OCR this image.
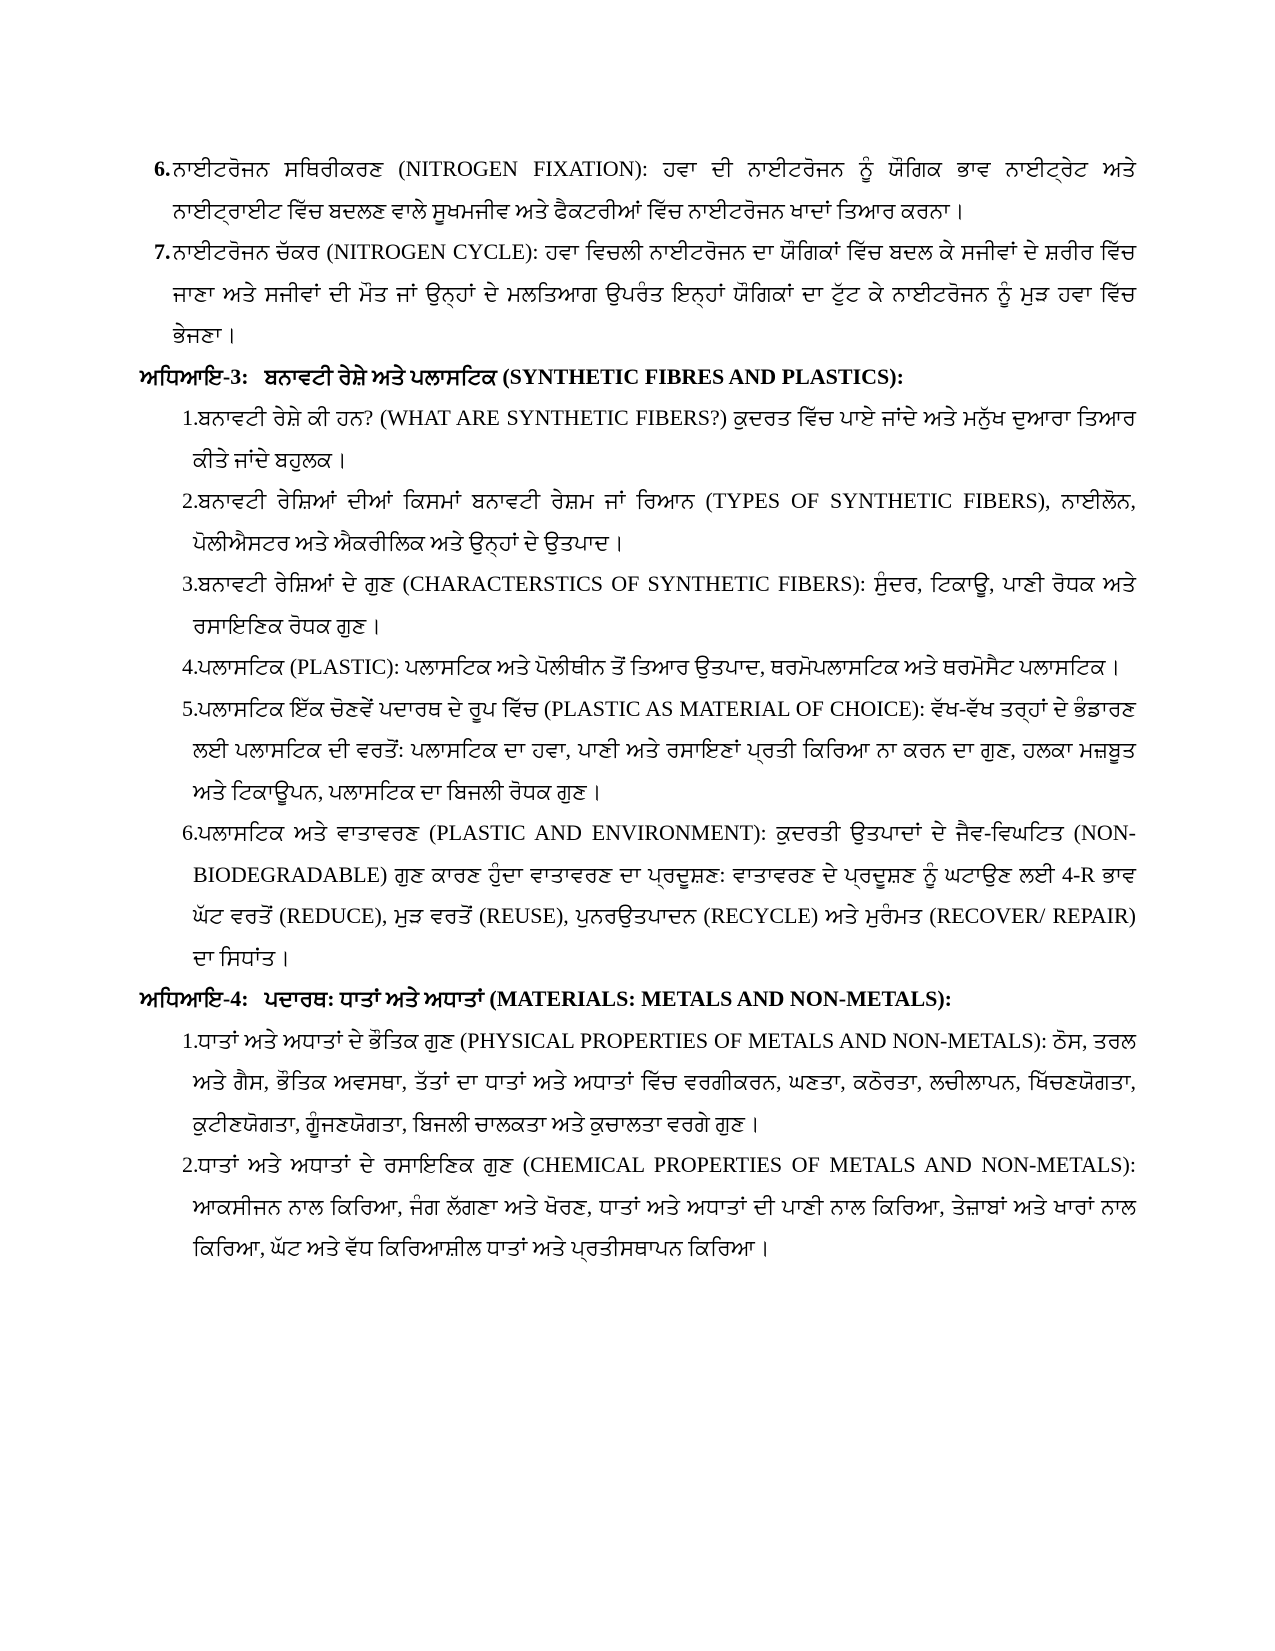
6. ਨਾਈਟਰੋਜਨ ਸਥਿਰੀਕਰਣ (NITROGEN FIXATION): ਹਵਾ ਦੀ ਨਾਈਟਰੋਜਨ ਨੂੰ ਯੌਗਿਕ ਭਾਵ ਨਾਈਟ੍ਰੇਟ ਅਤੇ ਨਾਈਟ੍ਰਾਈਟ ਵਿੱਚ ਬਦਲਣ ਵਾਲੇ ਸੂਖਮਜੀਵ ਅਤੇ ਫੈਕਟਰੀਆਂ ਵਿੱਚ ਨਾਈਟਰੋਜਨ ਖਾਦਾਂ ਤਿਆਰ ਕਰਨਾ।
7. ਨਾਈਟਰੋਜਨ ਚੱਕਰ (NITROGEN CYCLE): ਹਵਾ ਵਿਚਲੀ ਨਾਈਟਰੋਜਨ ਦਾ ਯੌਗਿਕਾਂ ਵਿੱਚ ਬਦਲ ਕੇ ਸਜੀਵਾਂ ਦੇ ਸ਼ਰੀਰ ਵਿੱਚ ਜਾਣਾ ਅਤੇ ਸਜੀਵਾਂ ਦੀ ਮੌਤ ਜਾਂ ਉਨ੍ਹਾਂ ਦੇ ਮਲਤਿਆਗ ਉਪਰੰਤ ਇਨ੍ਹਾਂ ਯੌਗਿਕਾਂ ਦਾ ਟੁੱਟ ਕੇ ਨਾਈਟਰੋਜਨ ਨੂੰ ਮੁੜ ਹਵਾ ਵਿੱਚ ਭੇਜਣਾ।
ਅਧਿਆਇ-3: ਬਨਾਵਟੀ ਰੇਸ਼ੇ ਅਤੇ ਪਲਾਸਟਿਕ (SYNTHETIC FIBRES AND PLASTICS):
1. ਬਨਾਵਟੀ ਰੇਸ਼ੇ ਕੀ ਹਨ? (WHAT ARE SYNTHETIC FIBERS?) ਕੁਦਰਤ ਵਿੱਚ ਪਾਏ ਜਾਂਦੇ ਅਤੇ ਮਨੁੱਖ ਦੁਆਰਾ ਤਿਆਰ ਕੀਤੇ ਜਾਂਦੇ ਬਹੁਲਕ।
2. ਬਨਾਵਟੀ ਰੇਸ਼ਿਆਂ ਦੀਆਂ ਕਿਸਮਾਂ ਬਨਾਵਟੀ ਰੇਸ਼ਮ ਜਾਂ ਰਿਆਨ (TYPES OF SYNTHETIC FIBERS), ਨਾਈਲੋਨ, ਪੋਲੀਐਸਟਰ ਅਤੇ ਐਕਰੀਲਿਕ ਅਤੇ ਉਨ੍ਹਾਂ ਦੇ ਉਤਪਾਦ।
3. ਬਨਾਵਟੀ ਰੇਸ਼ਿਆਂ ਦੇ ਗੁਣ (CHARACTERSTICS OF SYNTHETIC FIBERS): ਸੁੰਦਰ, ਟਿਕਾਊ, ਪਾਣੀ ਰੋਧਕ ਅਤੇ ਰਸਾਇਣਿਕ ਰੋਧਕ ਗੁਣ।
4. ਪਲਾਸਟਿਕ (PLASTIC): ਪਲਾਸਟਿਕ ਅਤੇ ਪੋਲੀਥੀਨ ਤੋਂ ਤਿਆਰ ਉਤਪਾਦ, ਥਰਮੋਪਲਾਸਟਿਕ ਅਤੇ ਥਰਮੋਸੈਟ ਪਲਾਸਟਿਕ।
5. ਪਲਾਸਟਿਕ ਇੱਕ ਚੋਣਵੇਂ ਪਦਾਰਥ ਦੇ ਰੂਪ ਵਿੱਚ (PLASTIC AS MATERIAL OF CHOICE): ਵੱਖ-ਵੱਖ ਤਰ੍ਹਾਂ ਦੇ ਭੰਡਾਰਣ ਲਈ ਪਲਾਸਟਿਕ ਦੀ ਵਰਤੋਂ: ਪਲਾਸਟਿਕ ਦਾ ਹਵਾ, ਪਾਣੀ ਅਤੇ ਰਸਾਇਣਾਂ ਪ੍ਰਤੀ ਕਿਰਿਆ ਨਾ ਕਰਨ ਦਾ ਗੁਣ, ਹਲਕਾ ਮਜ਼ਬੂਤ ਅਤੇ ਟਿਕਾਊਪਨ, ਪਲਾਸਟਿਕ ਦਾ ਬਿਜਲੀ ਰੋਧਕ ਗੁਣ।
6. ਪਲਾਸਟਿਕ ਅਤੇ ਵਾਤਾਵਰਣ (PLASTIC AND ENVIRONMENT): ਕੁਦਰਤੀ ਉਤਪਾਦਾਂ ਦੇ ਜੈਵ-ਵਿਘਟਿਤ (NON-BIODEGRADABLE) ਗੁਣ ਕਾਰਣ ਹੁੰਦਾ ਵਾਤਾਵਰਣ ਦਾ ਪ੍ਰਦੂਸ਼ਣ: ਵਾਤਾਵਰਣ ਦੇ ਪ੍ਰਦੂਸ਼ਣ ਨੂੰ ਘਟਾਉਣ ਲਈ 4-R ਭਾਵ ਘੱਟ ਵਰਤੋਂ (REDUCE), ਮੁੜ ਵਰਤੋਂ (REUSE), ਪੁਨਰਉਤਪਾਦਨ (RECYCLE) ਅਤੇ ਮੁਰੰਮਤ (RECOVER/ REPAIR) ਦਾ ਸਿਧਾਂਤ।
ਅਧਿਆਇ-4: ਪਦਾਰਥ: ਧਾਤਾਂ ਅਤੇ ਅਧਾਤਾਂ (MATERIALS: METALS AND NON-METALS):
1. ਧਾਤਾਂ ਅਤੇ ਅਧਾਤਾਂ ਦੇ ਭੌਤਿਕ ਗੁਣ (PHYSICAL PROPERTIES OF METALS AND NON-METALS): ਠੋਸ, ਤਰਲ ਅਤੇ ਗੈਸ, ਭੌਤਿਕ ਅਵਸਥਾ, ਤੱਤਾਂ ਦਾ ਧਾਤਾਂ ਅਤੇ ਅਧਾਤਾਂ ਵਿੱਚ ਵਰਗੀਕਰਨ, ਘਣਤਾ, ਕਠੋਰਤਾ, ਲਚੀਲਾਪਨ, ਖਿੱਚਣਯੋਗਤਾ, ਕੁਟੀਣਯੋਗਤਾ, ਗੂੰਜਣਯੋਗਤਾ, ਬਿਜਲੀ ਚਾਲਕਤਾ ਅਤੇ ਕੁਚਾਲਤਾ ਵਰਗੇ ਗੁਣ।
2. ਧਾਤਾਂ ਅਤੇ ਅਧਾਤਾਂ ਦੇ ਰਸਾਇਣਿਕ ਗੁਣ (CHEMICAL PROPERTIES OF METALS AND NON-METALS): ਆਕਸੀਜਨ ਨਾਲ ਕਿਰਿਆ, ਜੰਗ ਲੱਗਣਾ ਅਤੇ ਖੋਰਣ, ਧਾਤਾਂ ਅਤੇ ਅਧਾਤਾਂ ਦੀ ਪਾਣੀ ਨਾਲ ਕਿਰਿਆ, ਤੇਜ਼ਾਬਾਂ ਅਤੇ ਖਾਰਾਂ ਨਾਲ ਕਿਰਿਆ, ਘੱਟ ਅਤੇ ਵੱਧ ਕਿਰਿਆਸ਼ੀਲ ਧਾਤਾਂ ਅਤੇ ਪ੍ਰਤੀਸਥਾਪਨ ਕਿਰਿਆ।
